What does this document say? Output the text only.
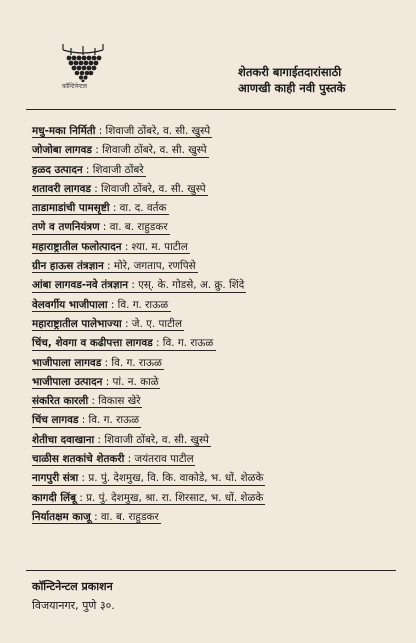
कॉन्टिनेन्टल
शेतकरी बागाईतदारांसाठी
आणखी काही नवी पुस्तके
मधु-मका निर्मिती : शिवाजी ठोंबरे, व. सी. खुस्पे
जोजोबा लागवड : शिवाजी ठोंबरे, व. सी. खुस्पे
हळद उत्पादन : शिवाजी ठोंबरे
शतावरी लागवड : शिवाजी ठोंबरे, व. सी. खुस्पे
ताडामाडांची पामसृष्टी : वा. द. वर्तक
तणे व तणनियंत्रण : वा. ब. राहुडकर
महाराष्ट्रातील फलोत्पादन : श्या. म. पाटील
ग्रीन हाऊस तंत्रज्ञान : मोरे, जगताप, रणपिसे
आंबा लागवड-नवे तंत्रज्ञान : एस्. के. गोडसे, अ. क्रु. शिंदे
वेलवर्गीय भाजीपाला : वि. ग. राऊळ
महाराष्ट्रातील पालेभाज्या : जे. ए. पाटील
चिंच, शेवगा व कढीपत्ता लागवड : वि. ग. राऊळ
भाजीपाला लागवड : वि. ग. राऊळ
भाजीपाला उत्पादन : पां. न. काळे
संकरित कारली : विकास खेरे
चिंच लागवड : वि. ग. राऊळ
शेतीचा दवाखाना : शिवाजी ठोंबरे, व. सी. खुस्पे
चाळीस शतकांचे शेतकरी : जयंतराव पाटील
नागपुरी संत्रा : प्र. पुं. देशमुख, वि. कि. वाकोडे, भ. धों. शेळके
कागदी लिंबू : प्र. पुं. देशमुख, श्रा. रा. शिरसाट, भ. धों. शेळके
निर्यातक्षम काजू : वा. ब. राहुडकर
कॉन्टिनेन्टल प्रकाशन
विजयानगर, पुणे ३०.
